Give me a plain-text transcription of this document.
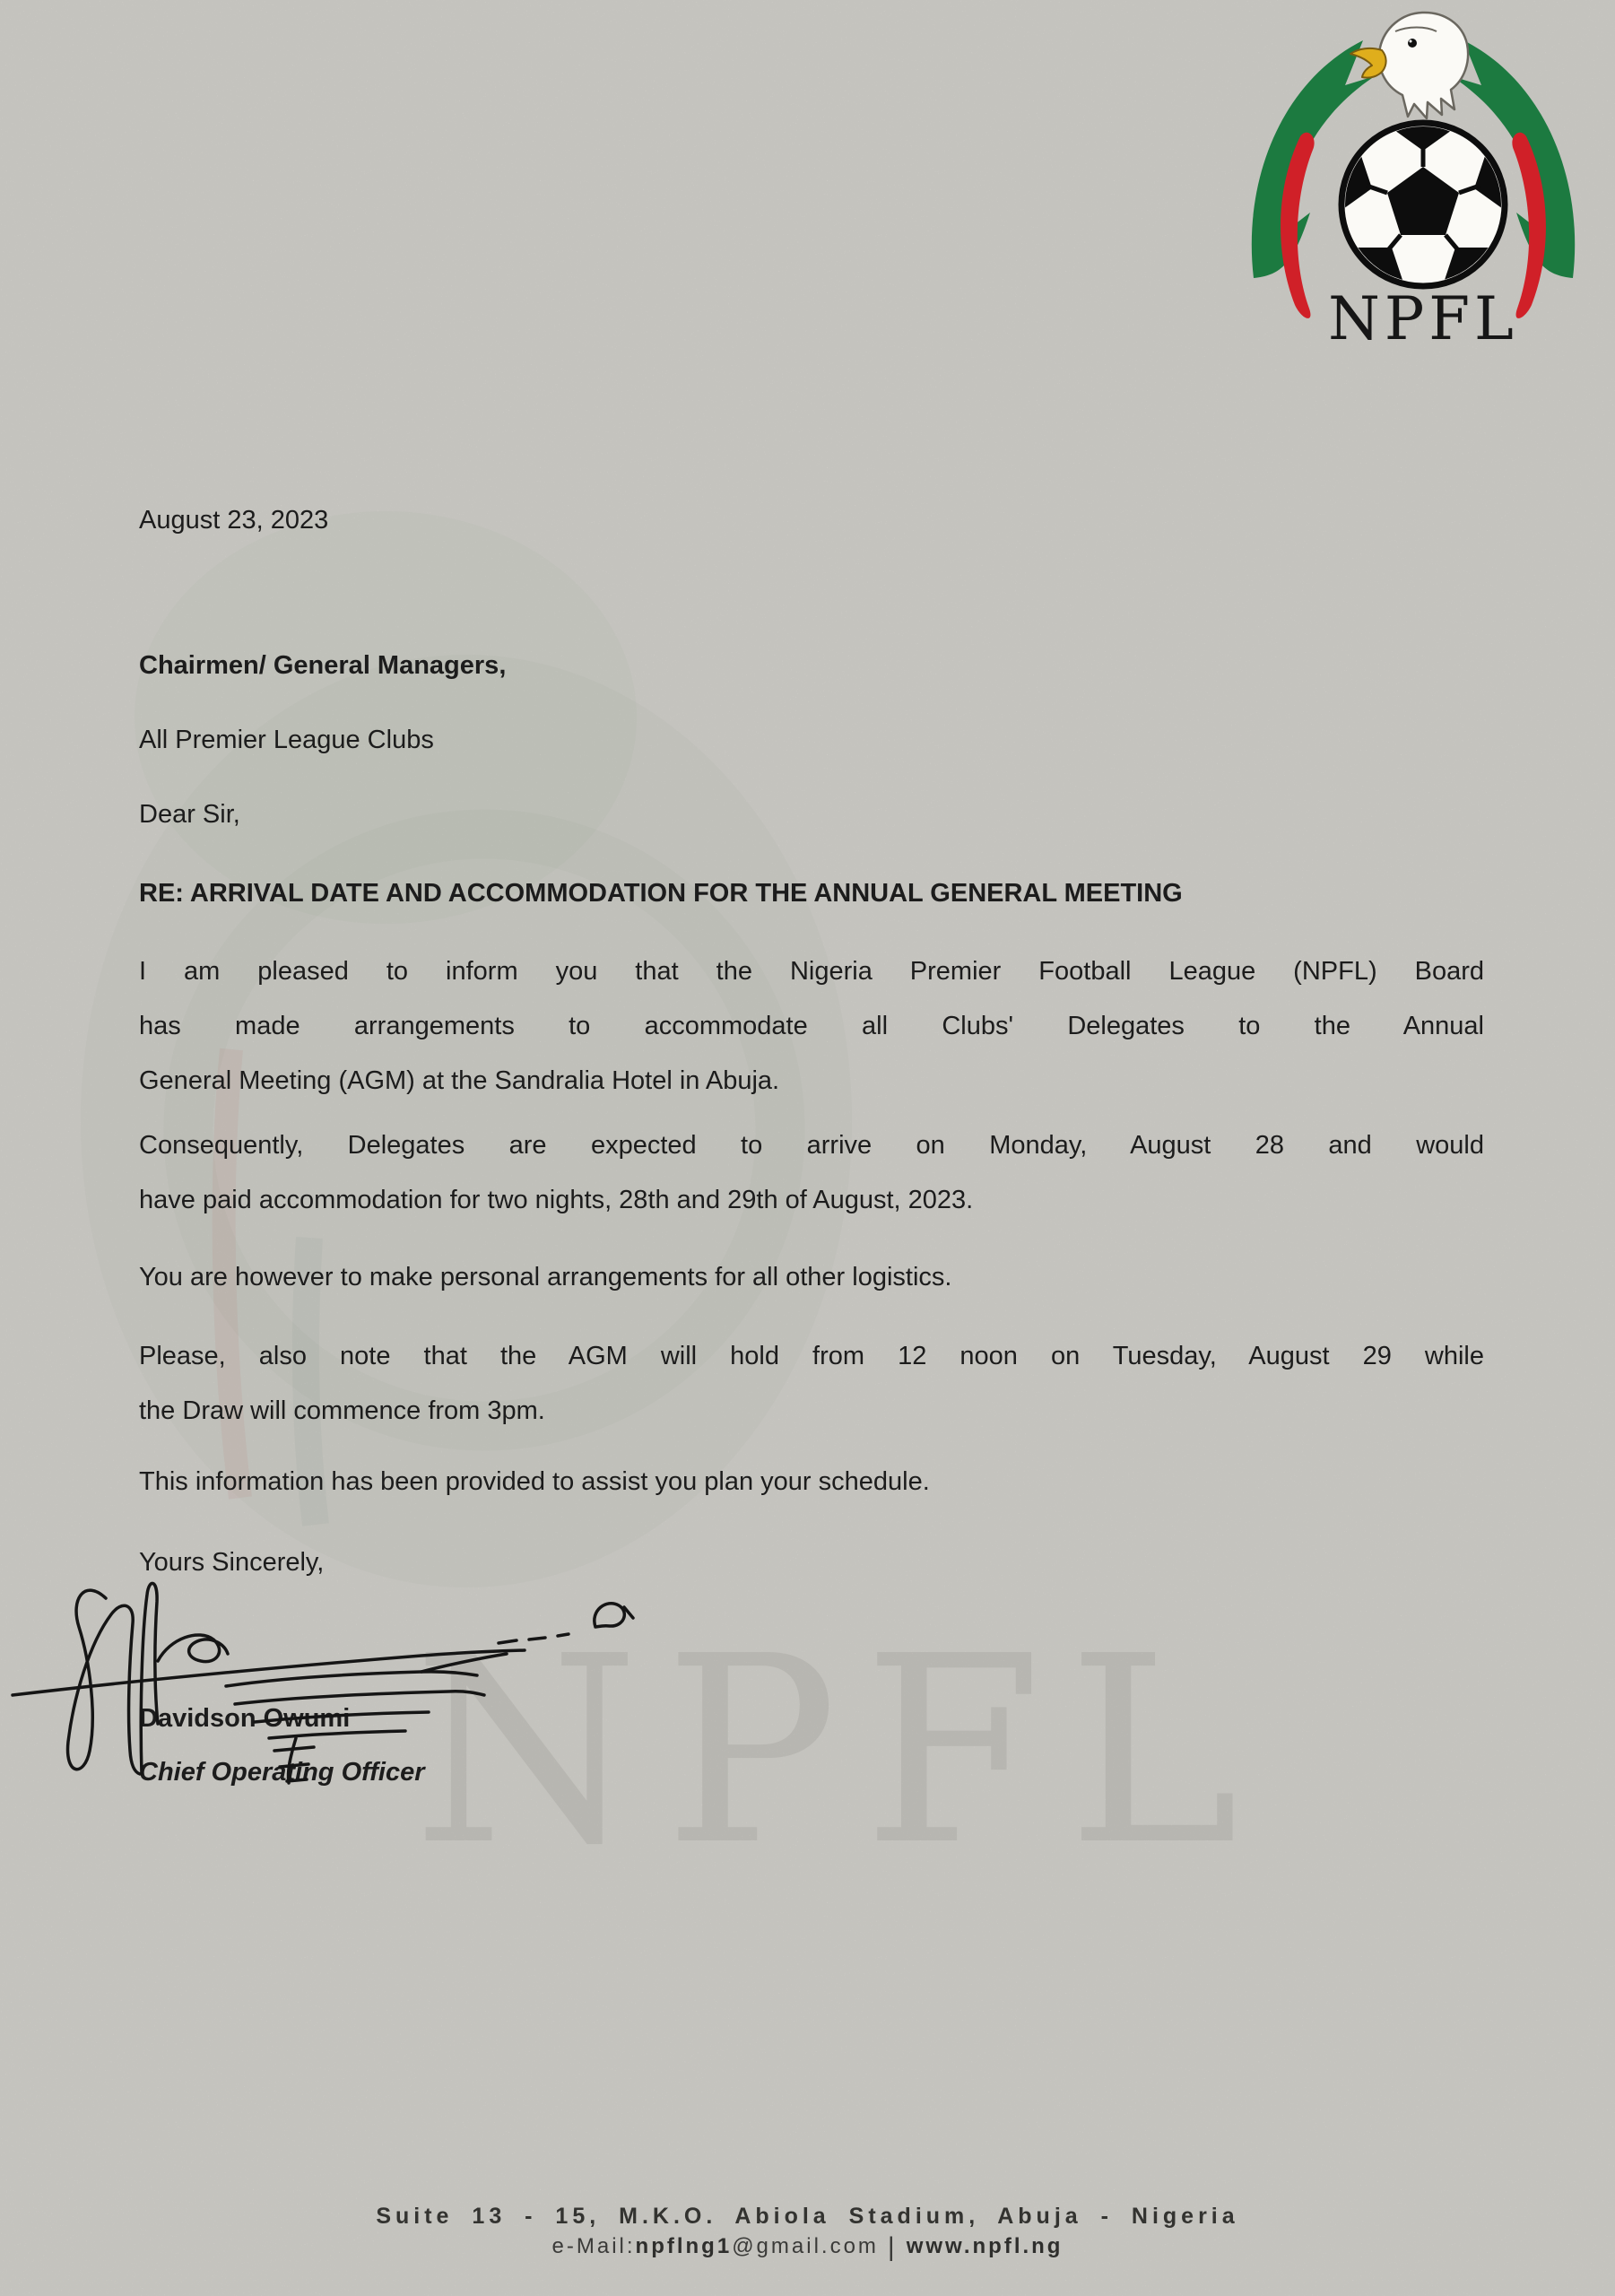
NPFL
NPFL
August 23, 2023
Chairmen/ General Managers,
All Premier League Clubs
Dear Sir,
RE: ARRIVAL DATE AND ACCOMMODATION FOR THE ANNUAL GENERAL MEETING
I am pleased to inform you that the Nigeria Premier Football League (NPFL) Board
has made arrangements to accommodate all Clubs' Delegates to the Annual
General Meeting (AGM) at the Sandralia Hotel in Abuja.
Consequently, Delegates are expected to arrive on Monday, August 28 and would
have paid accommodation for two nights, 28th and 29th of August, 2023.
You are however to make personal arrangements for all other logistics.
Please, also note that the AGM will hold from 12 noon on Tuesday, August 29 while
the Draw will commence from 3pm.
This information has been provided to assist you plan your schedule.
Yours Sincerely,
Davidson Owumi
Chief Operating Officer
Suite 13 - 15, M.K.O. Abiola Stadium, Abuja - Nigeria
e-Mail:npflng1@gmail.com | www.npfl.ng
